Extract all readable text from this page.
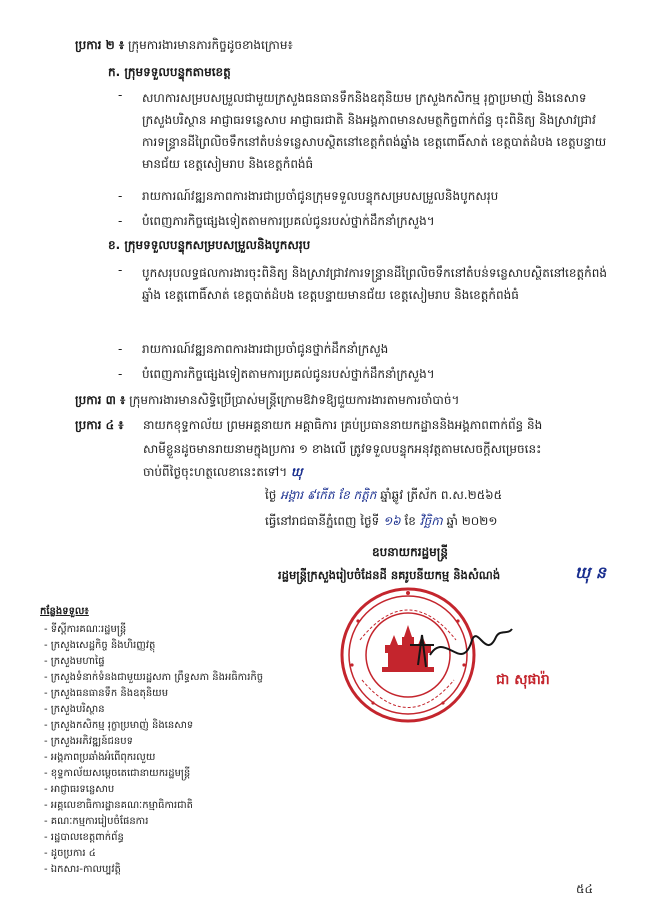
ប្រការ ២ ៖ ក្រុមការងារមានភារកិច្ចដូចខាងក្រោម៖
ក. ក្រុមទទួលបន្ទុកតាមខេត្ត
- សហការសម្របសម្រួលជាមួយក្រសួងធនធានទឹកនិងឧតុនិយម ក្រសួងកសិកម្ម រុក្ខាប្រមាញ់ និងនេសាទ ក្រសួងបរិស្ថាន អាជ្ញាធរទន្លេសាប អាជ្ញាធរជាតិ និងអង្គភាពមានសមត្ថកិច្ចពាក់ព័ន្ធ ចុះពិនិត្យ និងស្រាវជ្រាវការទន្ទ្រានដីព្រៃលិចទឹកនៅតំបន់ទន្លេសាបស្ថិតនៅខេត្តកំពង់ឆ្នាំង ខេត្តពោធិ៍សាត់ ខេត្តបាត់ដំបង ខេត្តបន្ទាយមានជ័យ ខេត្តសៀមរាប និងខេត្តកំពង់ធំ
- រាយការណ៍វឌ្ឍនភាពការងារជាប្រចាំជូនក្រុមទទួលបន្ទុកសម្របសម្រួលនិងបូកសរុប
- បំពេញភារកិច្ចផ្សេងទៀតតាមការប្រគល់ជូនរបស់ថ្នាក់ដឹកនាំក្រសួង។
ខ. ក្រុមទទួលបន្ទុកសម្របសម្រួលនិងបូកសរុប
- បូកសរុបលទ្ធផលការងារចុះពិនិត្យ និងស្រាវជ្រាវការទន្ទ្រានដីព្រៃលិចទឹកនៅតំបន់ទន្លេសាបស្ថិតនៅខេត្តកំពង់ឆ្នាំង ខេត្តពោធិ៍សាត់ ខេត្តបាត់ដំបង ខេត្តបន្ទាយមានជ័យ ខេត្តសៀមរាប និងខេត្តកំពង់ធំ
- រាយការណ៍វឌ្ឍនភាពការងារជាប្រចាំជូនថ្នាក់ដឹកនាំក្រសួង
- បំពេញភារកិច្ចផ្សេងទៀតតាមការប្រគល់ជូនរបស់ថ្នាក់ដឹកនាំក្រសួង។
ប្រការ ៣ ៖ ក្រុមការងារមានសិទ្ធិប្រើប្រាស់មន្ត្រីក្រោមឱវាទឱ្យជួយការងារតាមការចាំបាច់។
ប្រការ ៤ ៖ នាយកខុទ្ទកាល័យ ព្រមអគ្គនាយក អគ្គាធិការ គ្រប់ប្រធាននាយកដ្ឋាននិងអង្គភាពពាក់ព័ន្ធ និង
សាមីខ្លួនដូចមានរាយនាមក្នុងប្រការ ១ ខាងលើ ត្រូវទទួលបន្ទុកអនុវត្តតាមសេចក្តីសម្រេចនេះ
ចាប់ពីថ្ងៃចុះហត្ថលេខានេះតទៅ។ ឃុ
ថ្ងៃ អង្គារ ៩កើត ខែ កត្តិក ឆ្នាំឆ្លូវ ត្រីស័ក ព.ស.២៥៦៥
ធ្វើនៅរាជធានីភ្នំពេញ ថ្ងៃទី ១៦ ខែ វិច្ឆិកា ឆ្នាំ ២០២១
ឧបនាយករដ្ឋមន្ត្រី
រដ្ឋមន្ត្រីក្រសួងរៀបចំដែនដី នគរូបនីយកម្ម និងសំណង់	ឃុ ន
ជា សុផារ៉ា
កន្លែងទទួល៖
- ទីស្តីការគណៈរដ្ឋមន្ត្រី
- ក្រសួងសេដ្ឋកិច្ច និងហិរញ្ញវត្ថុ
- ក្រសួងមហាផ្ទៃ
- ក្រសួងទំនាក់ទំនងជាមួយរដ្ឋសភា ព្រឹទ្ធសភា និងអធិការកិច្ច
- ក្រសួងធនធានទឹក និងឧតុនិយម
- ក្រសួងបរិស្ថាន
- ក្រសួងកសិកម្ម រុក្ខាប្រមាញ់ និងនេសាទ
- ក្រសួងអភិវឌ្ឍន៍ជនបទ
- អង្គភាពប្រឆាំងអំពើពុករលួយ
- ខុទ្ទកាល័យសម្តេចតេជោនាយករដ្ឋមន្ត្រី
- អាជ្ញាធរទន្លេសាប
- អគ្គលេខាធិការដ្ឋានគណៈកម្មាធិការជាតិ
- គណៈកម្មការរៀបចំផែនការ
- រដ្ឋបាលខេត្តពាក់ព័ន្ធ
- ដូចប្រការ ៤
- ឯកសារ-កាលប្បវត្តិ
៥៤
